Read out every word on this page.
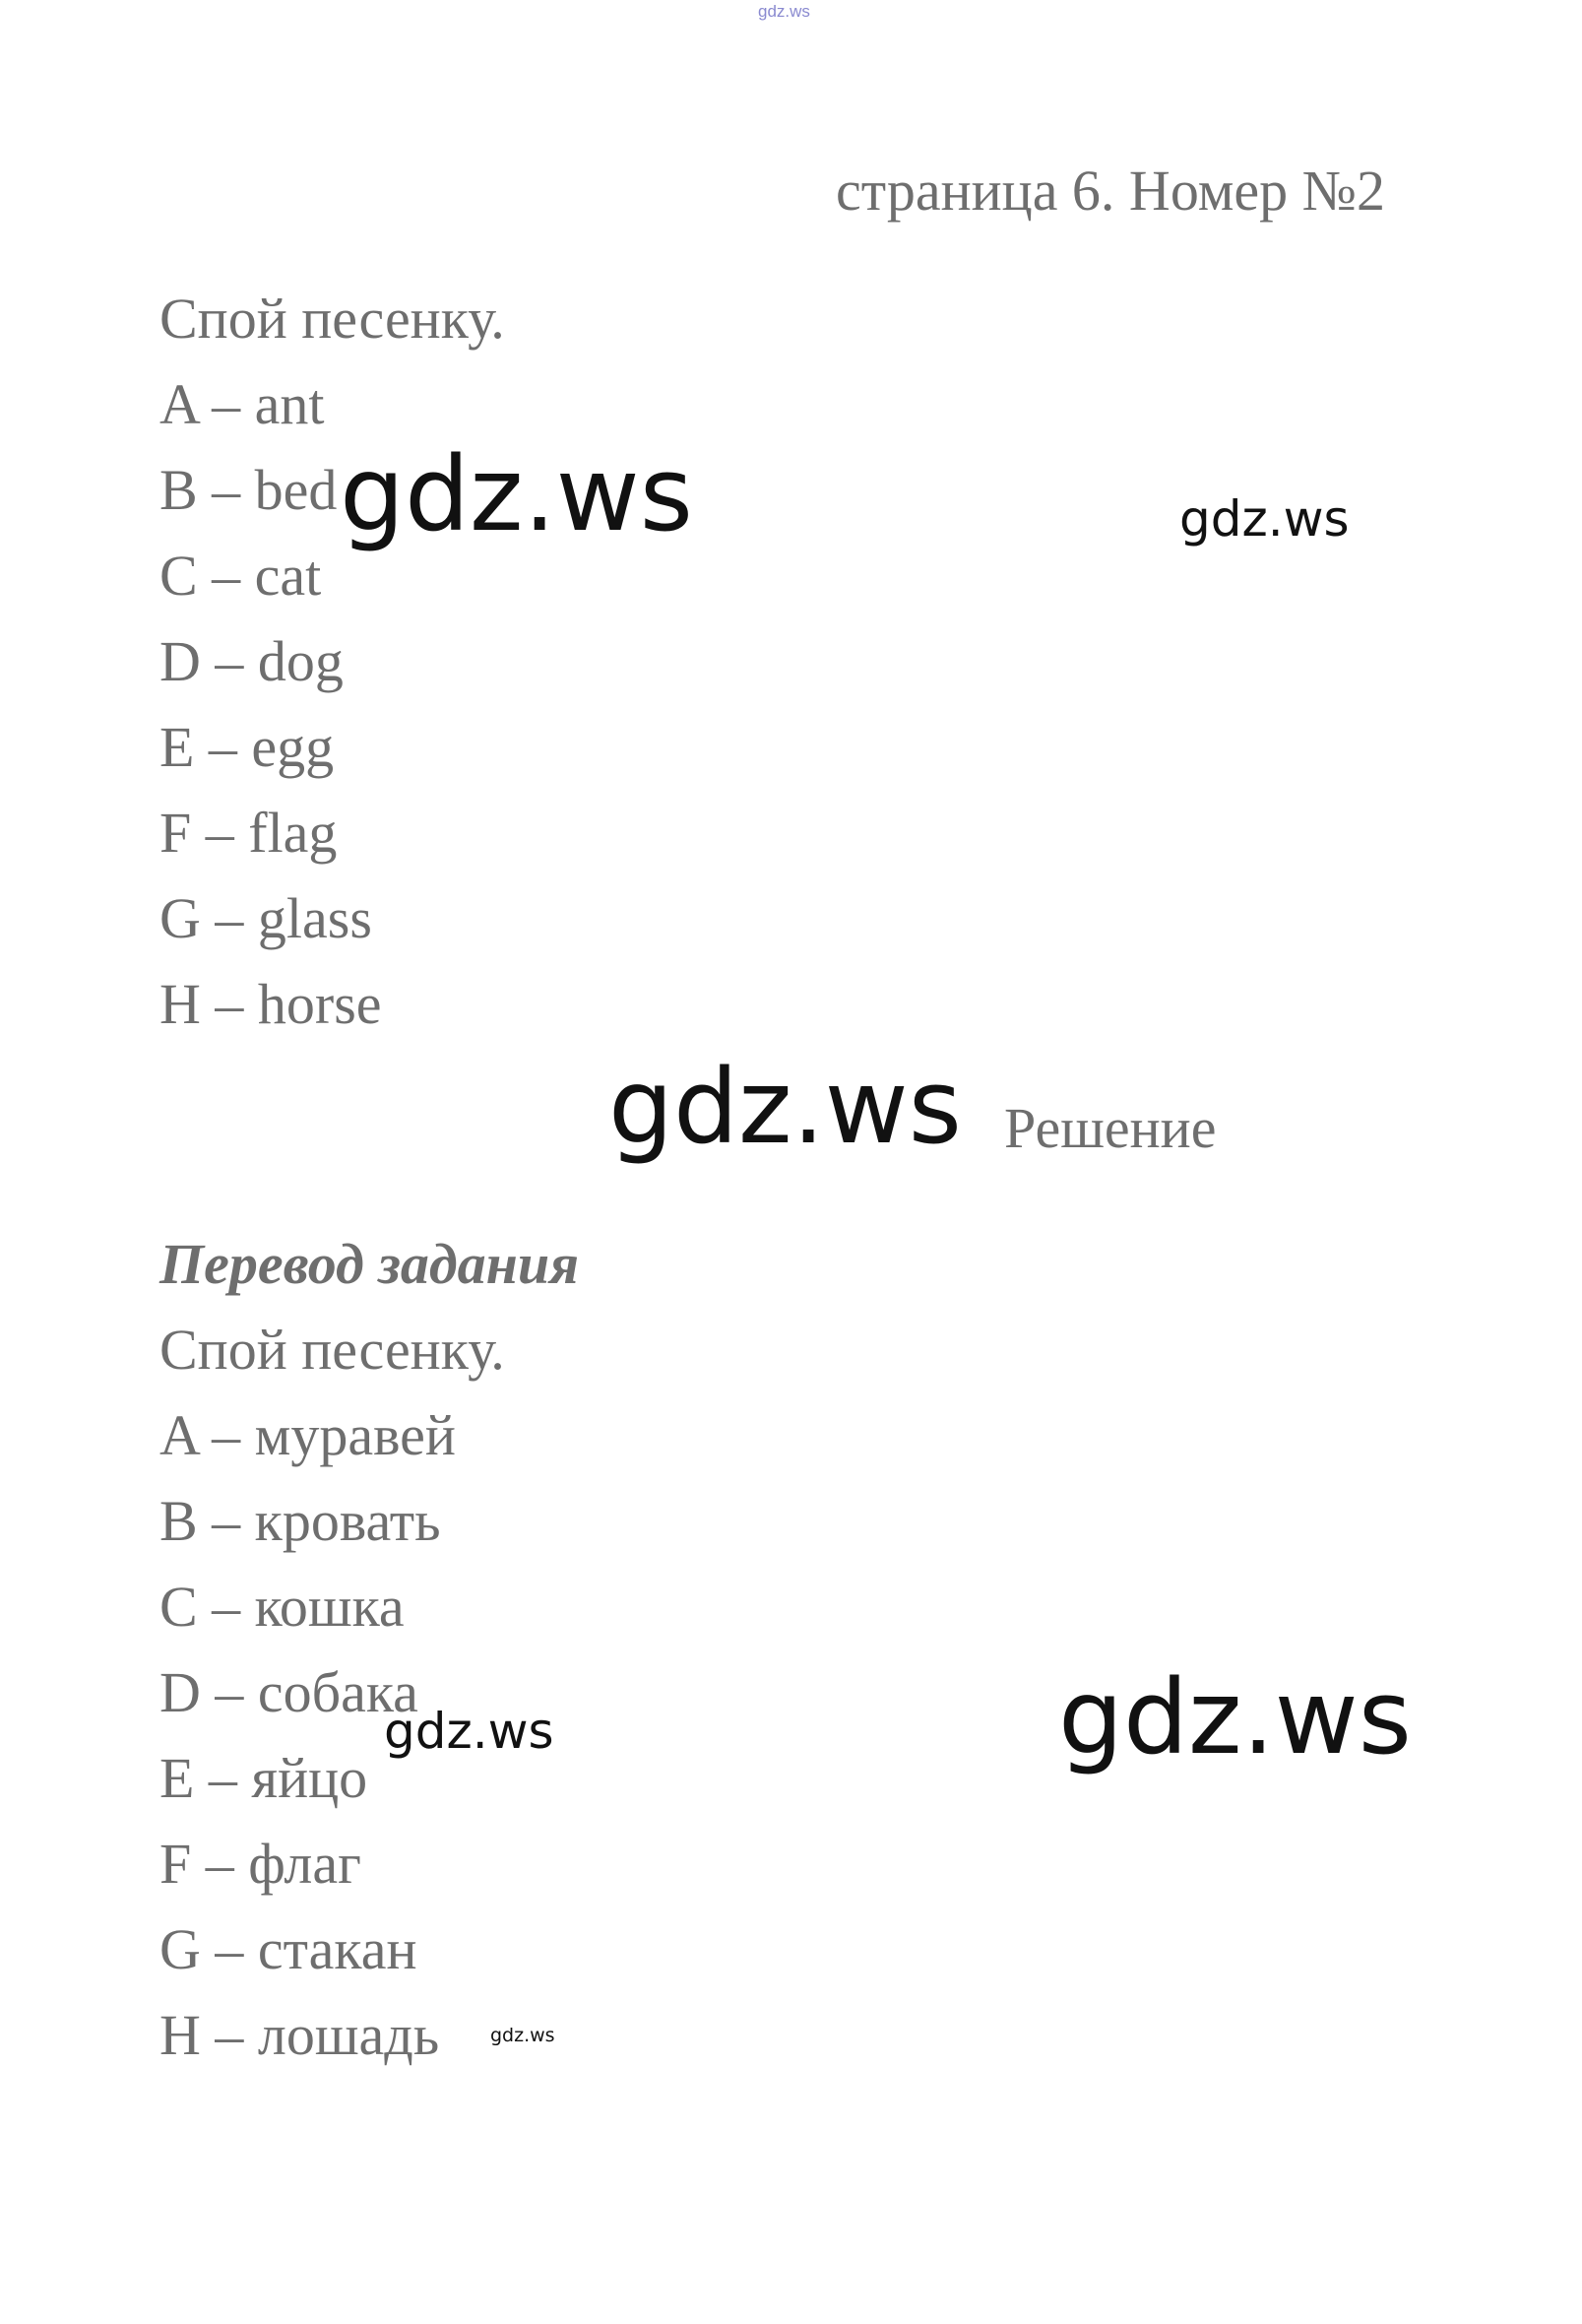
gdz.ws
страница 6. Номер №2
Спой песенку.
A – ant
B – bed
C – cat
D – dog
E – egg
F – flag
G – glass
H – horse
Решение
Перевод задания
Спой песенку.
A – муравей
B – кровать
C – кошка
D – собака
E – яйцо
F – флаг
G – стакан
H – лошадь
gdz.ws	gdz.ws
gdz.ws
gdz.ws
gdz.ws
gdz.ws
